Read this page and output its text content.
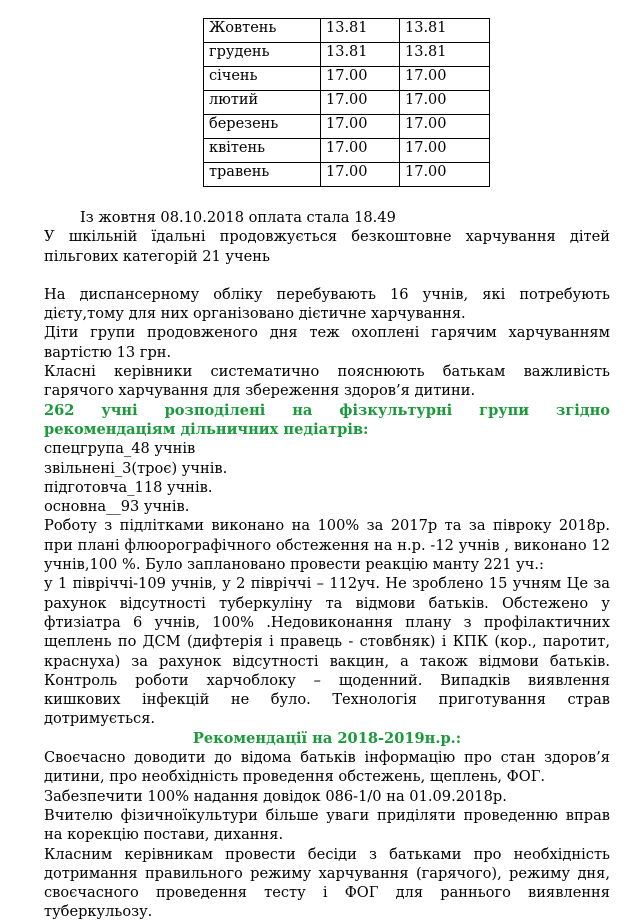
Жовтень	13.81	13.81
грудень	13.81	13.81
січень	17.00	17.00
лютий	17.00	17.00
березень	17.00	17.00
квітень	17.00	17.00
травень	17.00	17.00

Із жовтня 08.10.2018 оплата стала 18.49

У шкільній їдальні продовжується безкоштовне харчування дітей пільгових категорій 21 учень

На диспансерному обліку перебувають 16 учнів, які потребують дієту,тому для них організовано дієтичне харчування.

Діти групи продовженого дня теж охоплені гарячим харчуванням вартістю 13 грн.

Класні керівники систематично пояснюють батькам важливість гарячого харчування для збереження здоров’я дитини.

262 учні розподілені на фізкультурні групи згідно рекомендаціям дільничних педіатрів:

спецгрупа_48 учнів

звільнені_3(троє) учнів.

підготовча_118 учнів.

основна__93 учнів.

Роботу з підлітками виконано на 100% за 2017р та за півроку 2018р. при плані флюорографічного обстеження на н.р. -12 учнів , виконано 12 учнів,100 %. Було заплановано провести реакцію манту 221 уч.:

у 1 півріччі-109 учнів, у 2 півріччі – 112уч. Не зроблено 15 учням Це за рахунок відсутності туберкуліну та відмови батьків. Обстежено у фтизіатра 6 учнів, 100% .Недовиконання плану з профілактичних щеплень по ДСМ (дифтерія і правець - стовбняк) і КПК (кор., паротит, краснуха) за рахунок відсутності вакцин, а також відмови батьків. Контроль роботи харчоблоку – щоденний. Випадків виявлення кишкових інфекцій не було. Технологія приготування страв дотримується.

Рекомендації на 2018-2019н.р.:

Своєчасно доводити до відома батьків інформацію про стан здоров’я дитини, про необхідність проведення обстежень, щеплень, ФОГ.

Забезпечити 100% надання довідок 086-1/0 на 01.09.2018р.

Вчителю фізичноїкультури більше уваги приділяти проведенню вправ на корекцію постави, дихання.

Класним керівникам провести бесіди з батьками про необхідність дотримання правильного режиму харчування (гарячого), режиму дня, своєчасного проведення тесту і ФОГ для раннього виявлення туберкульозу.
